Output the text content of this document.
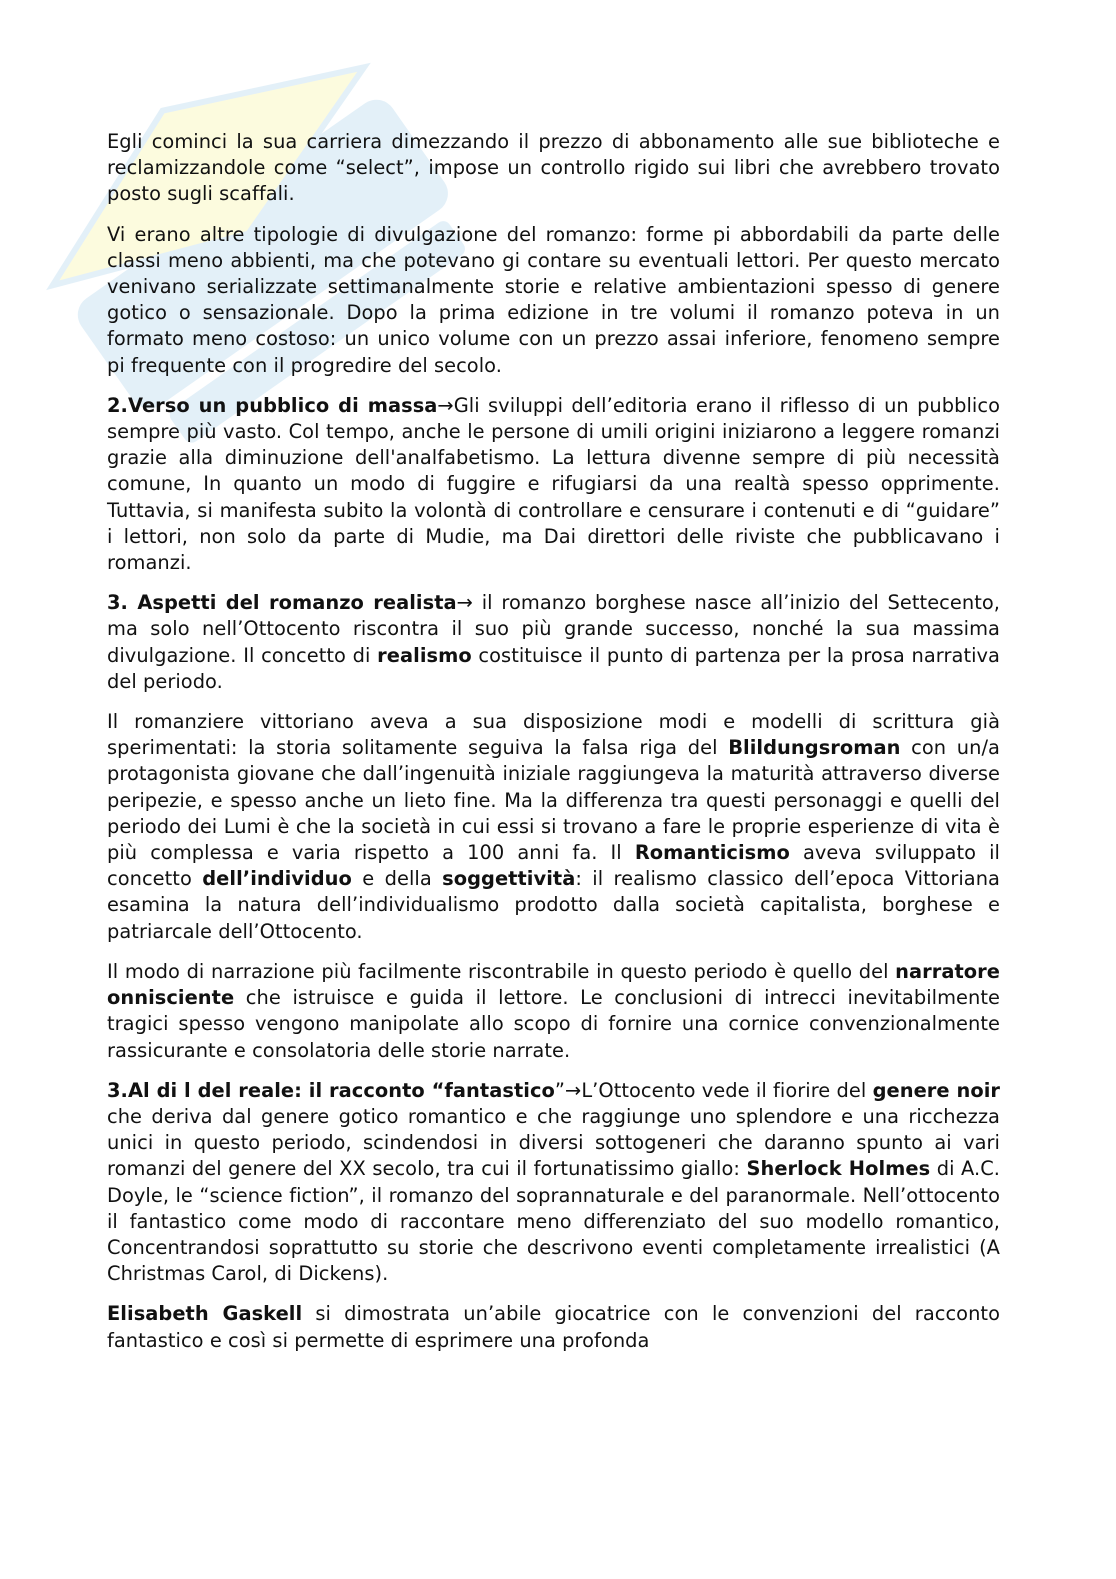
Egli cominci la sua carriera dimezzando il prezzo di abbonamento alle sue biblioteche e reclamizzandole come “select”, impose un controllo rigido sui libri che avrebbero trovato posto sugli scaffali.

Vi erano altre tipologie di divulgazione del romanzo: forme pi abbordabili da parte delle classi meno abbienti, ma che potevano gi contare su eventuali lettori. Per questo mercato venivano serializzate settimanalmente storie e relative ambientazioni spesso di genere gotico o sensazionale. Dopo la prima edizione in tre volumi il romanzo poteva in un formato meno costoso: un unico volume con un prezzo assai inferiore, fenomeno sempre pi frequente con il progredire del secolo.

2.Verso un pubblico di massa→Gli sviluppi dell’editoria erano il riflesso di un pubblico sempre più vasto. Col tempo, anche le persone di umili origini iniziarono a leggere romanzi grazie alla diminuzione dell'analfabetismo. La lettura divenne sempre di più necessità comune, In quanto un modo di fuggire e rifugiarsi da una realtà spesso opprimente. Tuttavia, si manifesta subito la volontà di controllare e censurare i contenuti e di “guidare” i lettori, non solo da parte di Mudie, ma Dai direttori delle riviste che pubblicavano i romanzi.

3. Aspetti del romanzo realista→ il romanzo borghese nasce all’inizio del Settecento, ma solo nell’Ottocento riscontra il suo più grande successo, nonché la sua massima divulgazione. Il concetto di realismo costituisce il punto di partenza per la prosa narrativa del periodo.

Il romanziere vittoriano aveva a sua disposizione modi e modelli di scrittura già sperimentati: la storia solitamente seguiva la falsa riga del Blildungsroman con un/a protagonista giovane che dall’ingenuità iniziale raggiungeva la maturità attraverso diverse peripezie, e spesso anche un lieto fine. Ma la differenza tra questi personaggi e quelli del periodo dei Lumi è che la società in cui essi si trovano a fare le proprie esperienze di vita è più complessa e varia rispetto a 100 anni fa. Il Romanticismo aveva sviluppato il concetto dell’individuo e della soggettività: il realismo classico dell’epoca Vittoriana esamina la natura dell’individualismo prodotto dalla società capitalista, borghese e patriarcale dell’Ottocento.

Il modo di narrazione più facilmente riscontrabile in questo periodo è quello del narratore onnisciente che istruisce e guida il lettore. Le conclusioni di intrecci inevitabilmente tragici spesso vengono manipolate allo scopo di fornire una cornice convenzionalmente rassicurante e consolatoria delle storie narrate.

3.Al di l del reale: il racconto “fantastico”→L’Ottocento vede il fiorire del genere noir che deriva dal genere gotico romantico e che raggiunge uno splendore e una ricchezza unici in questo periodo, scindendosi in diversi sottogeneri che daranno spunto ai vari romanzi del genere del XX secolo, tra cui il fortunatissimo giallo: Sherlock Holmes di A.C. Doyle, le “science fiction”, il romanzo del soprannaturale e del paranormale. Nell’ottocento il fantastico come modo di raccontare meno differenziato del suo modello romantico, Concentrandosi soprattutto su storie che descrivono eventi completamente irrealistici (A Christmas Carol, di Dickens).

Elisabeth Gaskell si dimostrata un’abile giocatrice con le convenzioni del racconto fantastico e così si permette di esprimere una profonda
